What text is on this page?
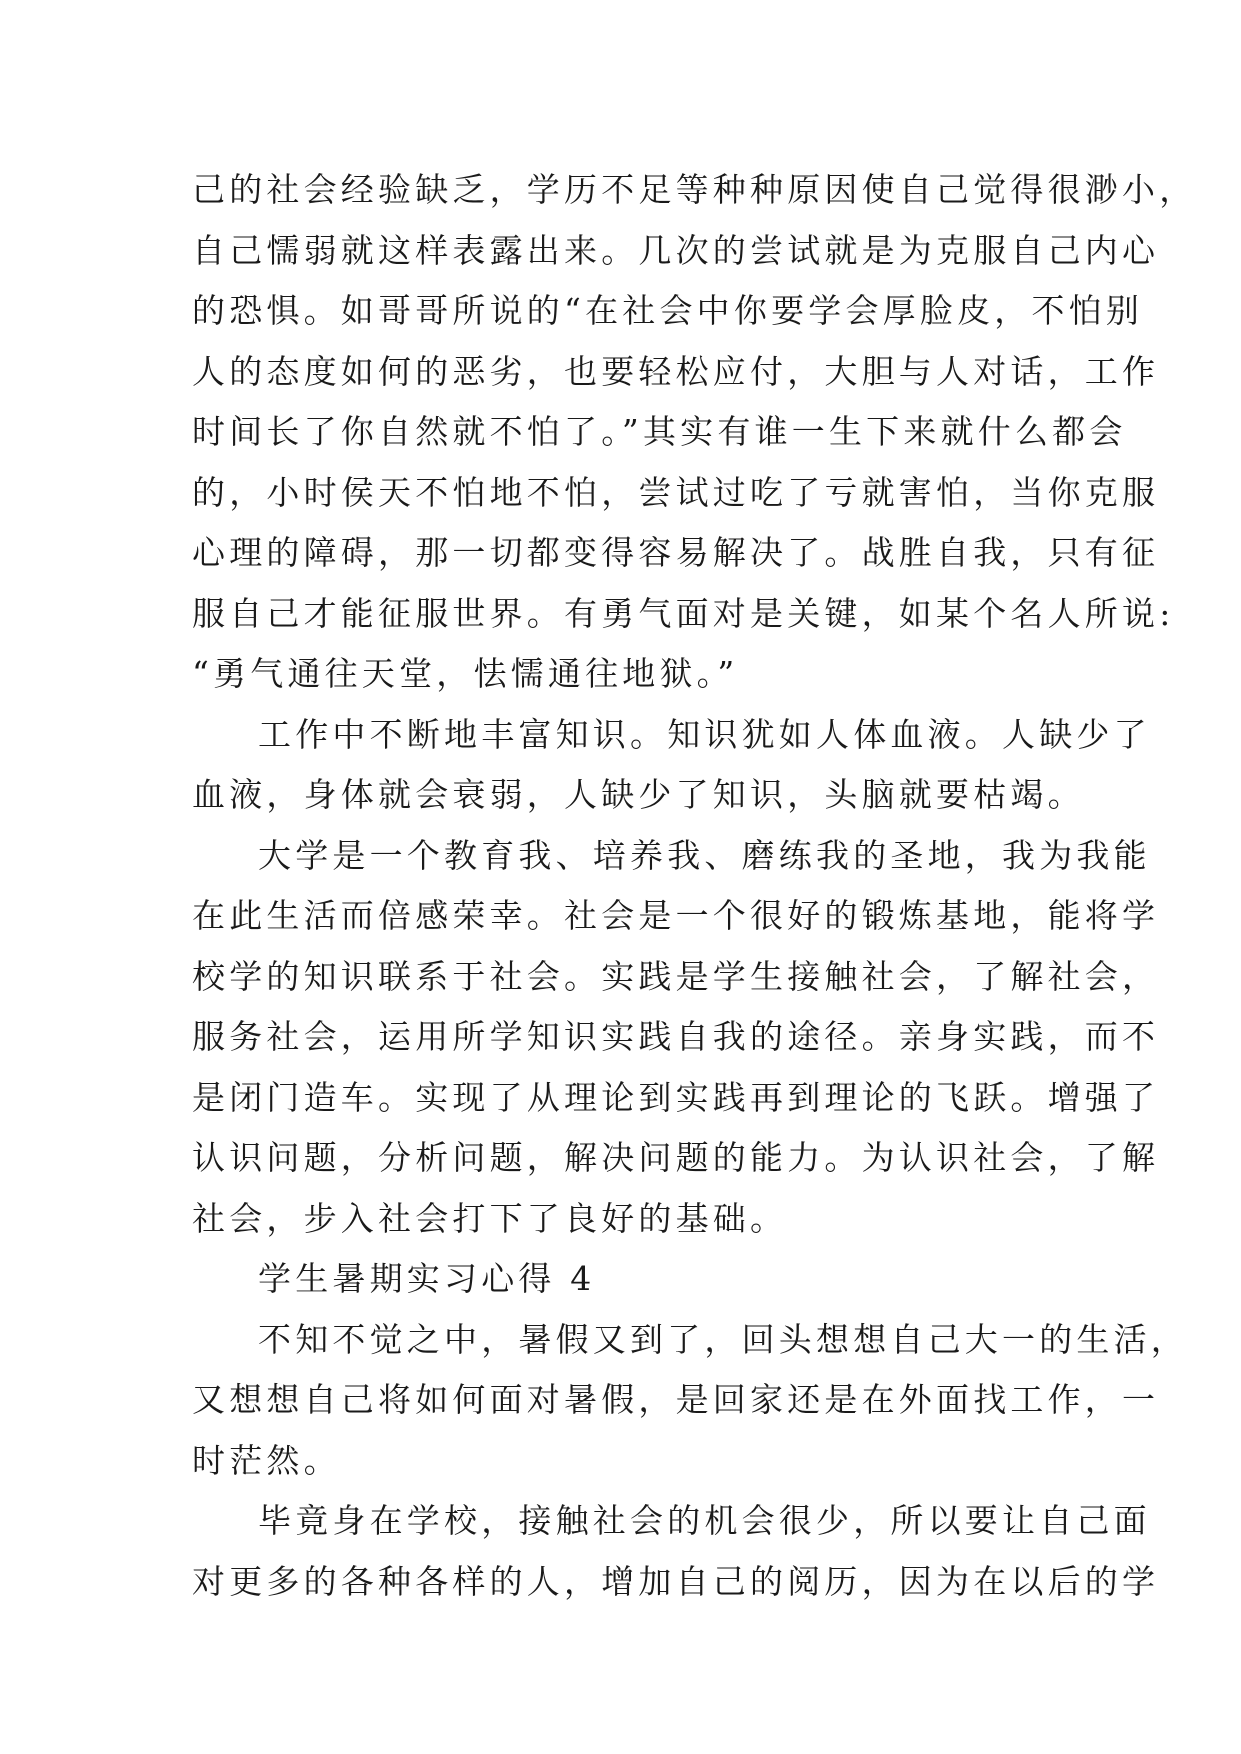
己的社会经验缺乏，学历不足等种种原因使自己觉得很渺小，
自己懦弱就这样表露出来。几次的尝试就是为克服自己内心
的恐惧。如哥哥所说的“在社会中你要学会厚脸皮，不怕别
人的态度如何的恶劣，也要轻松应付，大胆与人对话，工作
时间长了你自然就不怕了。”其实有谁一生下来就什么都会
的，小时侯天不怕地不怕，尝试过吃了亏就害怕，当你克服
心理的障碍，那一切都变得容易解决了。战胜自我，只有征
服自己才能征服世界。有勇气面对是关键，如某个名人所说:
“勇气通往天堂，怯懦通往地狱。”
工作中不断地丰富知识。知识犹如人体血液。人缺少了
血液，身体就会衰弱，人缺少了知识，头脑就要枯竭。
大学是一个教育我、培养我、磨练我的圣地，我为我能
在此生活而倍感荣幸。社会是一个很好的锻炼基地，能将学
校学的知识联系于社会。实践是学生接触社会，了解社会，
服务社会，运用所学知识实践自我的途径。亲身实践，而不
是闭门造车。实现了从理论到实践再到理论的飞跃。增强了
认识问题，分析问题，解决问题的能力。为认识社会，了解
社会，步入社会打下了良好的基础。
学生暑期实习心得 4
不知不觉之中，暑假又到了，回头想想自己大一的生活，
又想想自己将如何面对暑假，是回家还是在外面找工作，一
时茫然。
毕竟身在学校，接触社会的机会很少，所以要让自己面
对更多的各种各样的人，增加自己的阅历，因为在以后的学
